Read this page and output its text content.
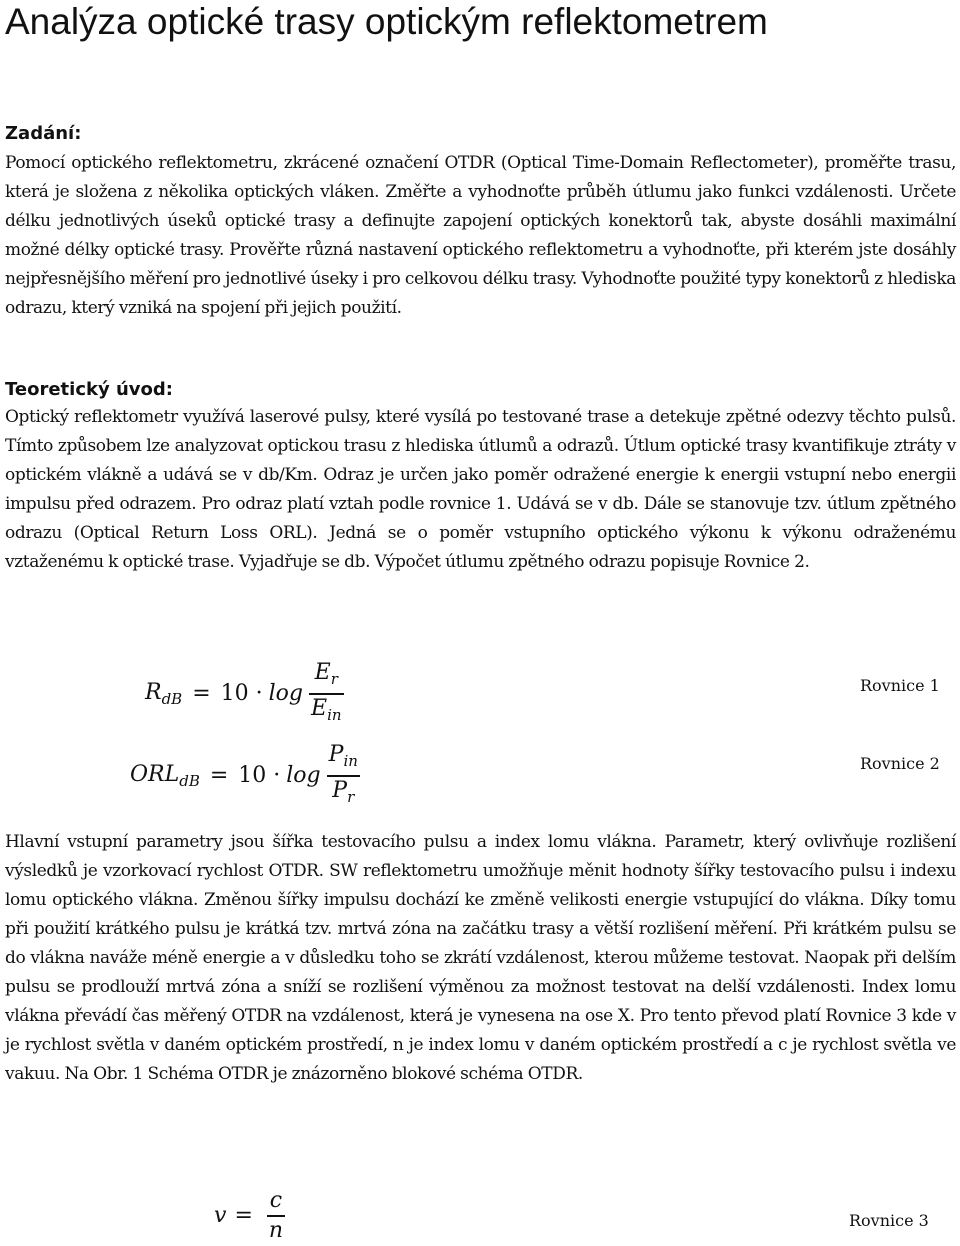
Analýza optické trasy optickým reflektometrem
Zadání:

Pomocí optického reflektometru, zkrácené označení OTDR (Optical Time-Domain Reflectometer), proměřte trasu, která je složena z několika optických vláken. Změřte a vyhodnoťte průběh útlumu jako funkci vzdálenosti. Určete délku jednotlivých úseků optické trasy a definujte zapojení optických konektorů tak, abyste dosáhli maximální možné délky optické trasy. Prověřte různá nastavení optického reflektometru a vyhodnoťte, při kterém jste dosáhly nejpřesnějšího měření pro jednotlivé úseky i pro celkovou délku trasy. Vyhodnoťte použité typy konektorů z hlediska odrazu, který vzniká na spojení při jejich použití.

Teoretický úvod:

Optický reflektometr využívá laserové pulsy, které vysílá po testované trase a detekuje zpětné odezvy těchto pulsů. Tímto způsobem lze analyzovat optickou trasu z hlediska útlumů a odrazů. Útlum optické trasy kvantifikuje ztráty v optickém vlákně a udává se v db/Km. Odraz je určen jako poměr odražené energie k energii vstupní nebo energii impulsu před odrazem. Pro odraz platí vztah podle rovnice 1. Udává se v db. Dále se stanovuje tzv. útlum zpětného odrazu (Optical Return Loss ORL). Jedná se o poměr vstupního optického výkonu k výkonu odraženému vztaženému k optické trase. Vyjadřuje se db. Výpočet útlumu zpětného odrazu popisuje Rovnice 2.

$R_{dB} = 10 \cdot \log \frac{E_r}{E_{in}}$	Rovnice 1
$ORL_{dB} = 10 \cdot \log \frac{P_{in}}{P_r}$	Rovnice 2

Hlavní vstupní parametry jsou šířka testovacího pulsu a index lomu vlákna. Parametr, který ovlivňuje rozlišení výsledků je vzorkovací rychlost OTDR. SW reflektometru umožňuje měnit hodnoty šířky testovacího pulsu i indexu lomu optického vlákna. Změnou šířky impulsu dochází ke změně velikosti energie vstupující do vlákna. Díky tomu při použití krátkého pulsu je krátká tzv. mrtvá zóna na začátku trasy a větší rozlišení měření. Při krátkém pulsu se do vlákna naváže méně energie a v důsledku toho se zkrátí vzdálenost, kterou můžeme testovat. Naopak při delším pulsu se prodlouží mrtvá zóna a sníží se rozlišení výměnou za možnost testovat na delší vzdálenosti. Index lomu vlákna převádí čas měřený OTDR na vzdálenost, která je vynesena na ose X. Pro tento převod platí Rovnice 3 kde v je rychlost světla v daném optickém prostředí, n je index lomu v daném optickém prostředí a c je rychlost světla ve vakuu. Na Obr. 1 Schéma OTDR je znázorněno blokové schéma OTDR.

$v = \frac{c}{n}$	Rovnice 3
